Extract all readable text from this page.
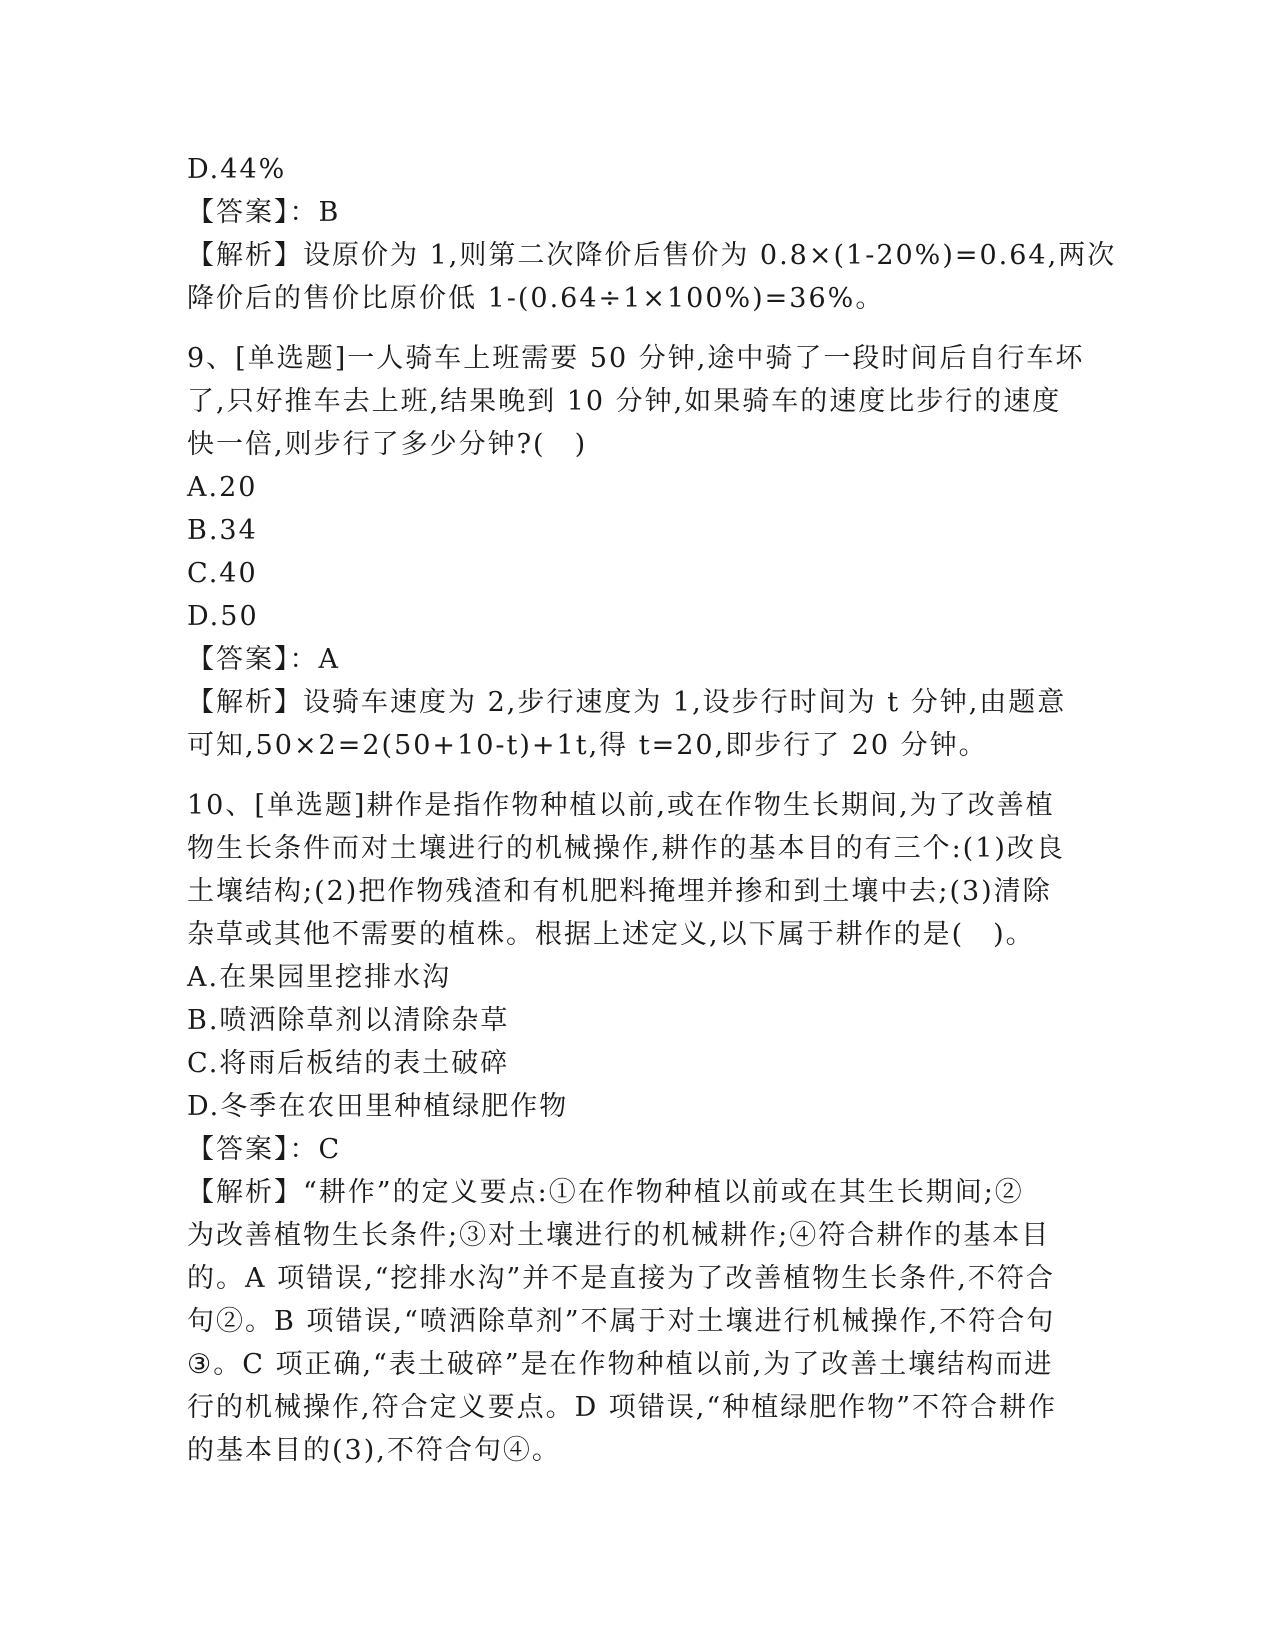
D.44%
【答案】：B
【解析】设原价为 1,则第二次降价后售价为 0.8×(1-20%)=0.64,两次
降价后的售价比原价低 1-(0.64÷1×100%)=36%。
9、[单选题]一人骑车上班需要 50 分钟,途中骑了一段时间后自行车坏
了,只好推车去上班,结果晚到 10 分钟,如果骑车的速度比步行的速度
快一倍,则步行了多少分钟?(　)
A.20
B.34
C.40
D.50
【答案】：A
【解析】设骑车速度为 2,步行速度为 1,设步行时间为 t 分钟,由题意
可知,50×2=2(50+10-t)+1t,得 t=20,即步行了 20 分钟。
10、[单选题]耕作是指作物种植以前,或在作物生长期间,为了改善植
物生长条件而对土壤进行的机械操作,耕作的基本目的有三个:(1)改良
土壤结构;(2)把作物残渣和有机肥料掩埋并掺和到土壤中去;(3)清除
杂草或其他不需要的植株。根据上述定义,以下属于耕作的是(　)。
A.在果园里挖排水沟
B.喷洒除草剂以清除杂草
C.将雨后板结的表土破碎
D.冬季在农田里种植绿肥作物
【答案】：C
【解析】“耕作”的定义要点:①在作物种植以前或在其生长期间;②
为改善植物生长条件;③对土壤进行的机械耕作;④符合耕作的基本目
的。A 项错误,“挖排水沟”并不是直接为了改善植物生长条件,不符合
句②。B 项错误,“喷洒除草剂”不属于对土壤进行机械操作,不符合句
③。C 项正确,“表土破碎”是在作物种植以前,为了改善土壤结构而进
行的机械操作,符合定义要点。D 项错误,“种植绿肥作物”不符合耕作
的基本目的(3),不符合句④。
